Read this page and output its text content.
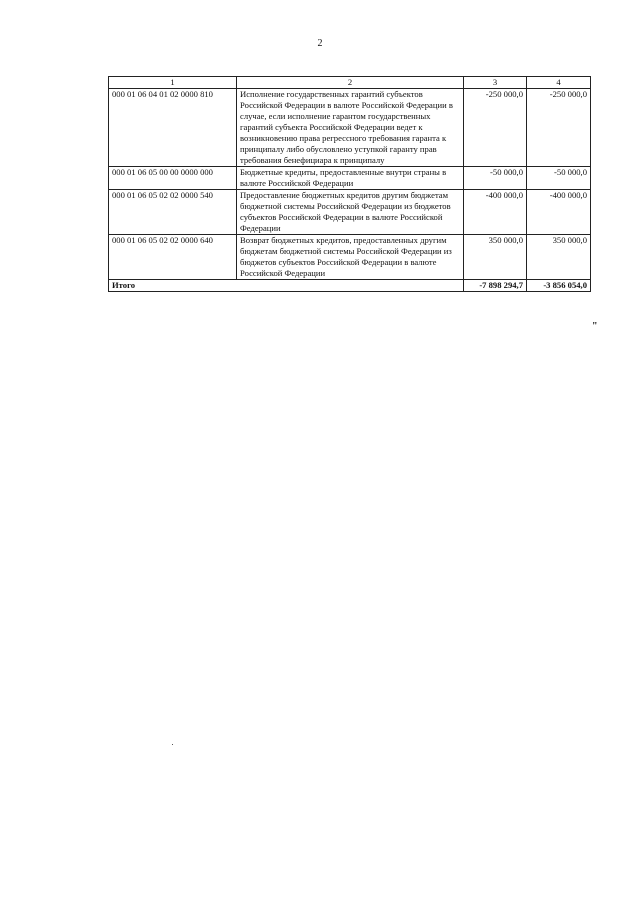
2
1	2	3	4
000 01 06 04 01 02 0000 810	Исполнение государственных гарантий субъектов Российской Федерации в валюте Российской Федерации в случае, если исполнение гарантом государственных гарантий субъекта Российской Федерации ведет к возникновению права регрессного требования гаранта к принципалу либо обусловлено уступкой гаранту прав требования бенефициара к принципалу	-250 000,0	-250 000,0
000 01 06 05 00 00 0000 000	Бюджетные кредиты, предоставленные внутри страны в валюте Российской Федерации	-50 000,0	-50 000,0
000 01 06 05 02 02 0000 540	Предоставление бюджетных кредитов другим бюджетам бюджетной системы Российской Федерации из бюджетов субъектов Российской Федерации в валюте Российской Федерации	-400 000,0	-400 000,0
000 01 06 05 02 02 0000 640	Возврат бюджетных кредитов, предоставленных другим бюджетам бюджетной системы Российской Федерации из бюджетов субъектов Российской Федерации в валюте Российской Федерации	350 000,0	350 000,0
Итого		-7 898 294,7	-3 856 054,0
"
